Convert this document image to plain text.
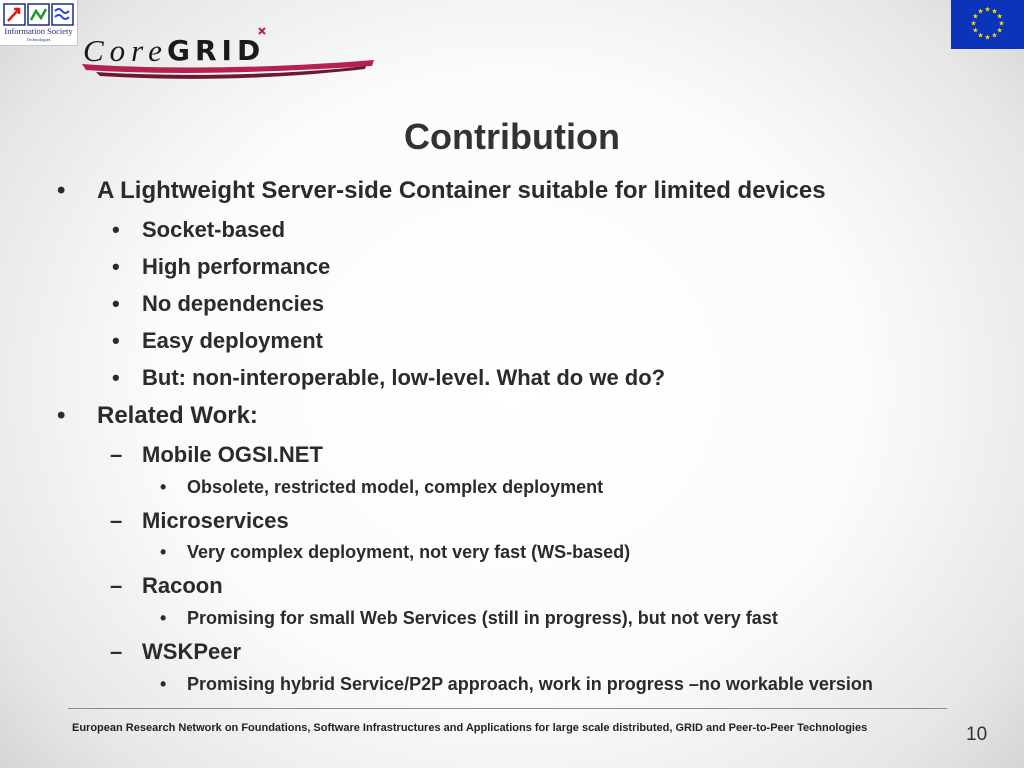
Information Society
Technologies	Core GRID
★ ★
★
★
★
★
★
★
★
★
★
★
Contribution
• A Lightweight Server-side Container suitable for limited devices
• Socket-based
• High performance
• No dependencies
• Easy deployment
• But: non-interoperable, low-level. What do we do?
• Related Work:
– Mobile OGSI.NET
• Obsolete, restricted model, complex deployment
– Microservices
• Very complex deployment, not very fast (WS-based)
– Racoon
• Promising for small Web Services (still in progress), but not very fast
– WSKPeer
• Promising hybrid Service/P2P approach, work in progress –no workable version
European Research Network on Foundations, Software Infrastructures and Applications for large scale distributed, GRID and Peer-to-Peer Technologies	10
